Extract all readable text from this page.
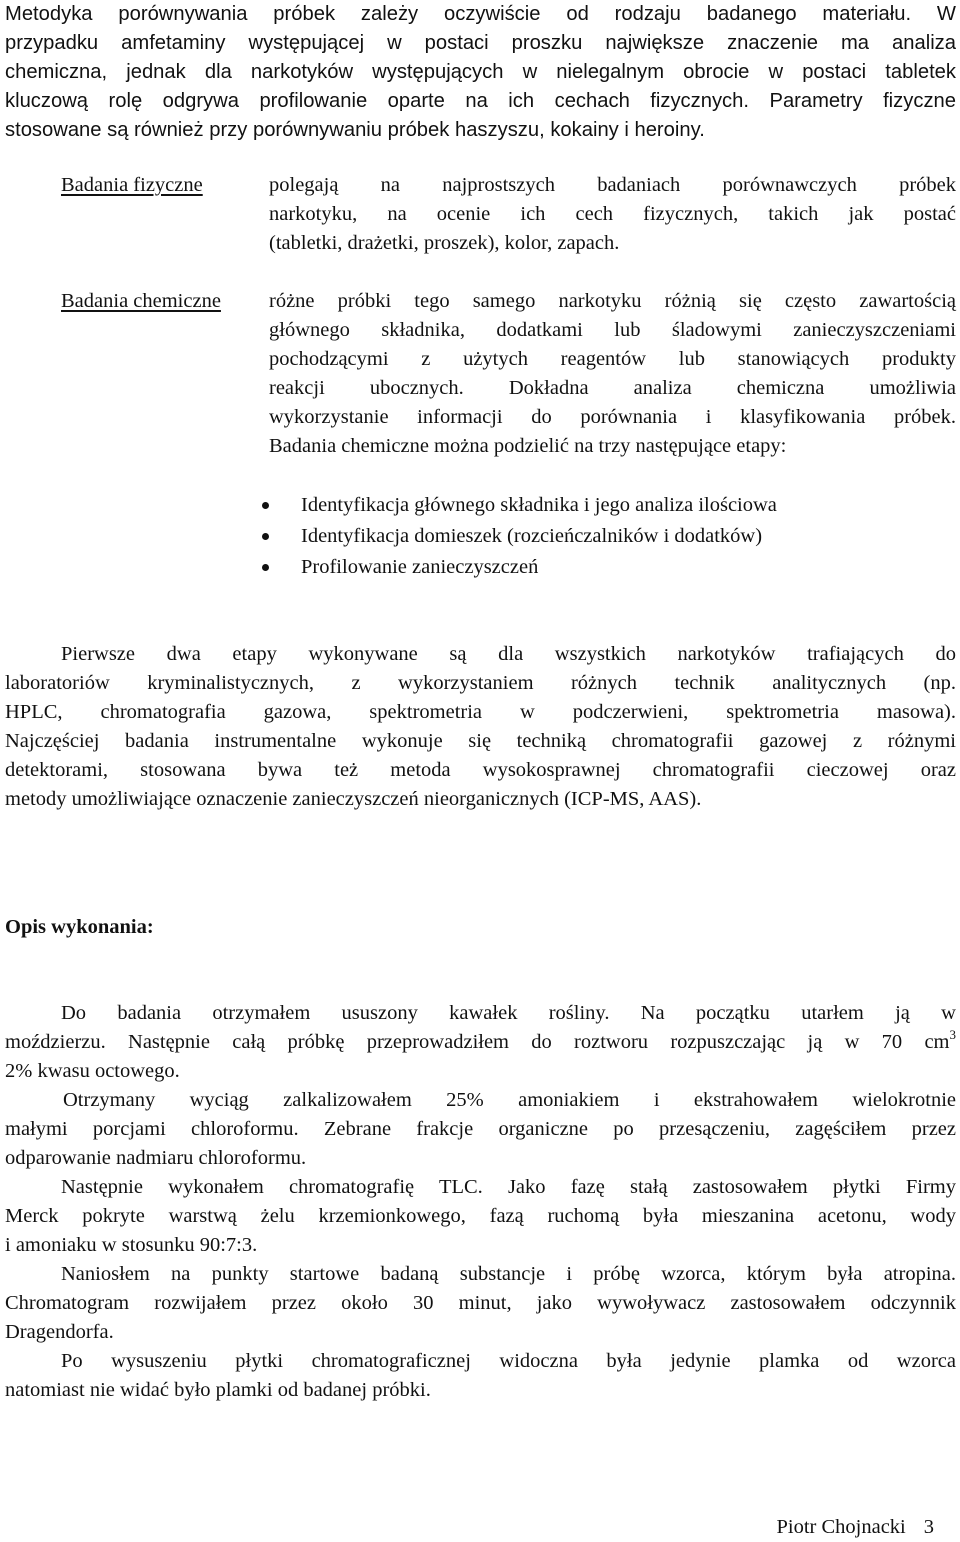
Metodyka porównywania próbek zależy oczywiście od rodzaju badanego materiału. W
przypadku amfetaminy występującej w postaci proszku największe znaczenie ma analiza
chemiczna, jednak dla narkotyków występujących w nielegalnym obrocie w postaci tabletek
kluczową rolę odgrywa profilowanie oparte na ich cechach fizycznych. Parametry fizyczne
stosowane są również przy porównywaniu próbek haszyszu, kokainy i heroiny.
Badania fizyczne	polegają na najprostszych badaniach porównawczych próbek
narkotyku, na ocenie ich cech fizycznych, takich jak postać
(tabletki, drażetki, proszek), kolor, zapach.
Badania chemiczne różne próbki tego samego narkotyku różnią się często zawartością
głównego składnika, dodatkami lub śladowymi zanieczyszczeniami
pochodzącymi z użytych reagentów lub stanowiących produkty
reakcji ubocznych. Dokładna analiza chemiczna umożliwia
wykorzystanie informacji do porównania i klasyfikowania próbek.
Badania chemiczne można podzielić na trzy następujące etapy:
Identyfikacja głównego składnika i jego analiza ilościowa
Identyfikacja domieszek (rozcieńczalników i dodatków)
Profilowanie zanieczyszczeń
Pierwsze dwa etapy wykonywane są dla wszystkich narkotyków trafiających do
laboratoriów kryminalistycznych, z wykorzystaniem różnych technik analitycznych (np.
HPLC, chromatografia gazowa, spektrometria w podczerwieni, spektrometria masowa).
Najczęściej badania instrumentalne wykonuje się techniką chromatografii gazowej z różnymi
detektorami, stosowana bywa też metoda wysokosprawnej chromatografii cieczowej oraz
metody umożliwiające oznaczenie zanieczyszczeń nieorganicznych (ICP-MS, AAS).
Opis wykonania:
Do badania otrzymałem ususzony kawałek rośliny. Na początku utarłem ją w
moździerzu. Następnie całą próbkę przeprowadziłem do roztworu rozpuszczając ją w 70 $cm^3$
2% kwasu octowego.
Otrzymany wyciąg zalkalizowałem 25% amoniakiem i ekstrahowałem wielokrotnie
małymi porcjami chloroformu. Zebrane frakcje organiczne po przesączeniu, zagęściłem przez
odparowanie nadmiaru chloroformu.
Następnie wykonałem chromatografię TLC. Jako fazę stałą zastosowałem płytki Firmy
Merck pokryte warstwą żelu krzemionkowego, fazą ruchomą była mieszanina acetonu, wody
i amoniaku w stosunku 90:7:3.
Naniosłem na punkty startowe badaną substancje i próbę wzorca, którym była atropina.
Chromatogram rozwijałem przez około 30 minut, jako wywoływacz zastosowałem odczynnik
Dragendorfa.
Po wysuszeniu płytki chromatograficznej widoczna była jedynie plamka od wzorca
natomiast nie widać było plamki od badanej próbki.
Piotr Chojnacki 3
